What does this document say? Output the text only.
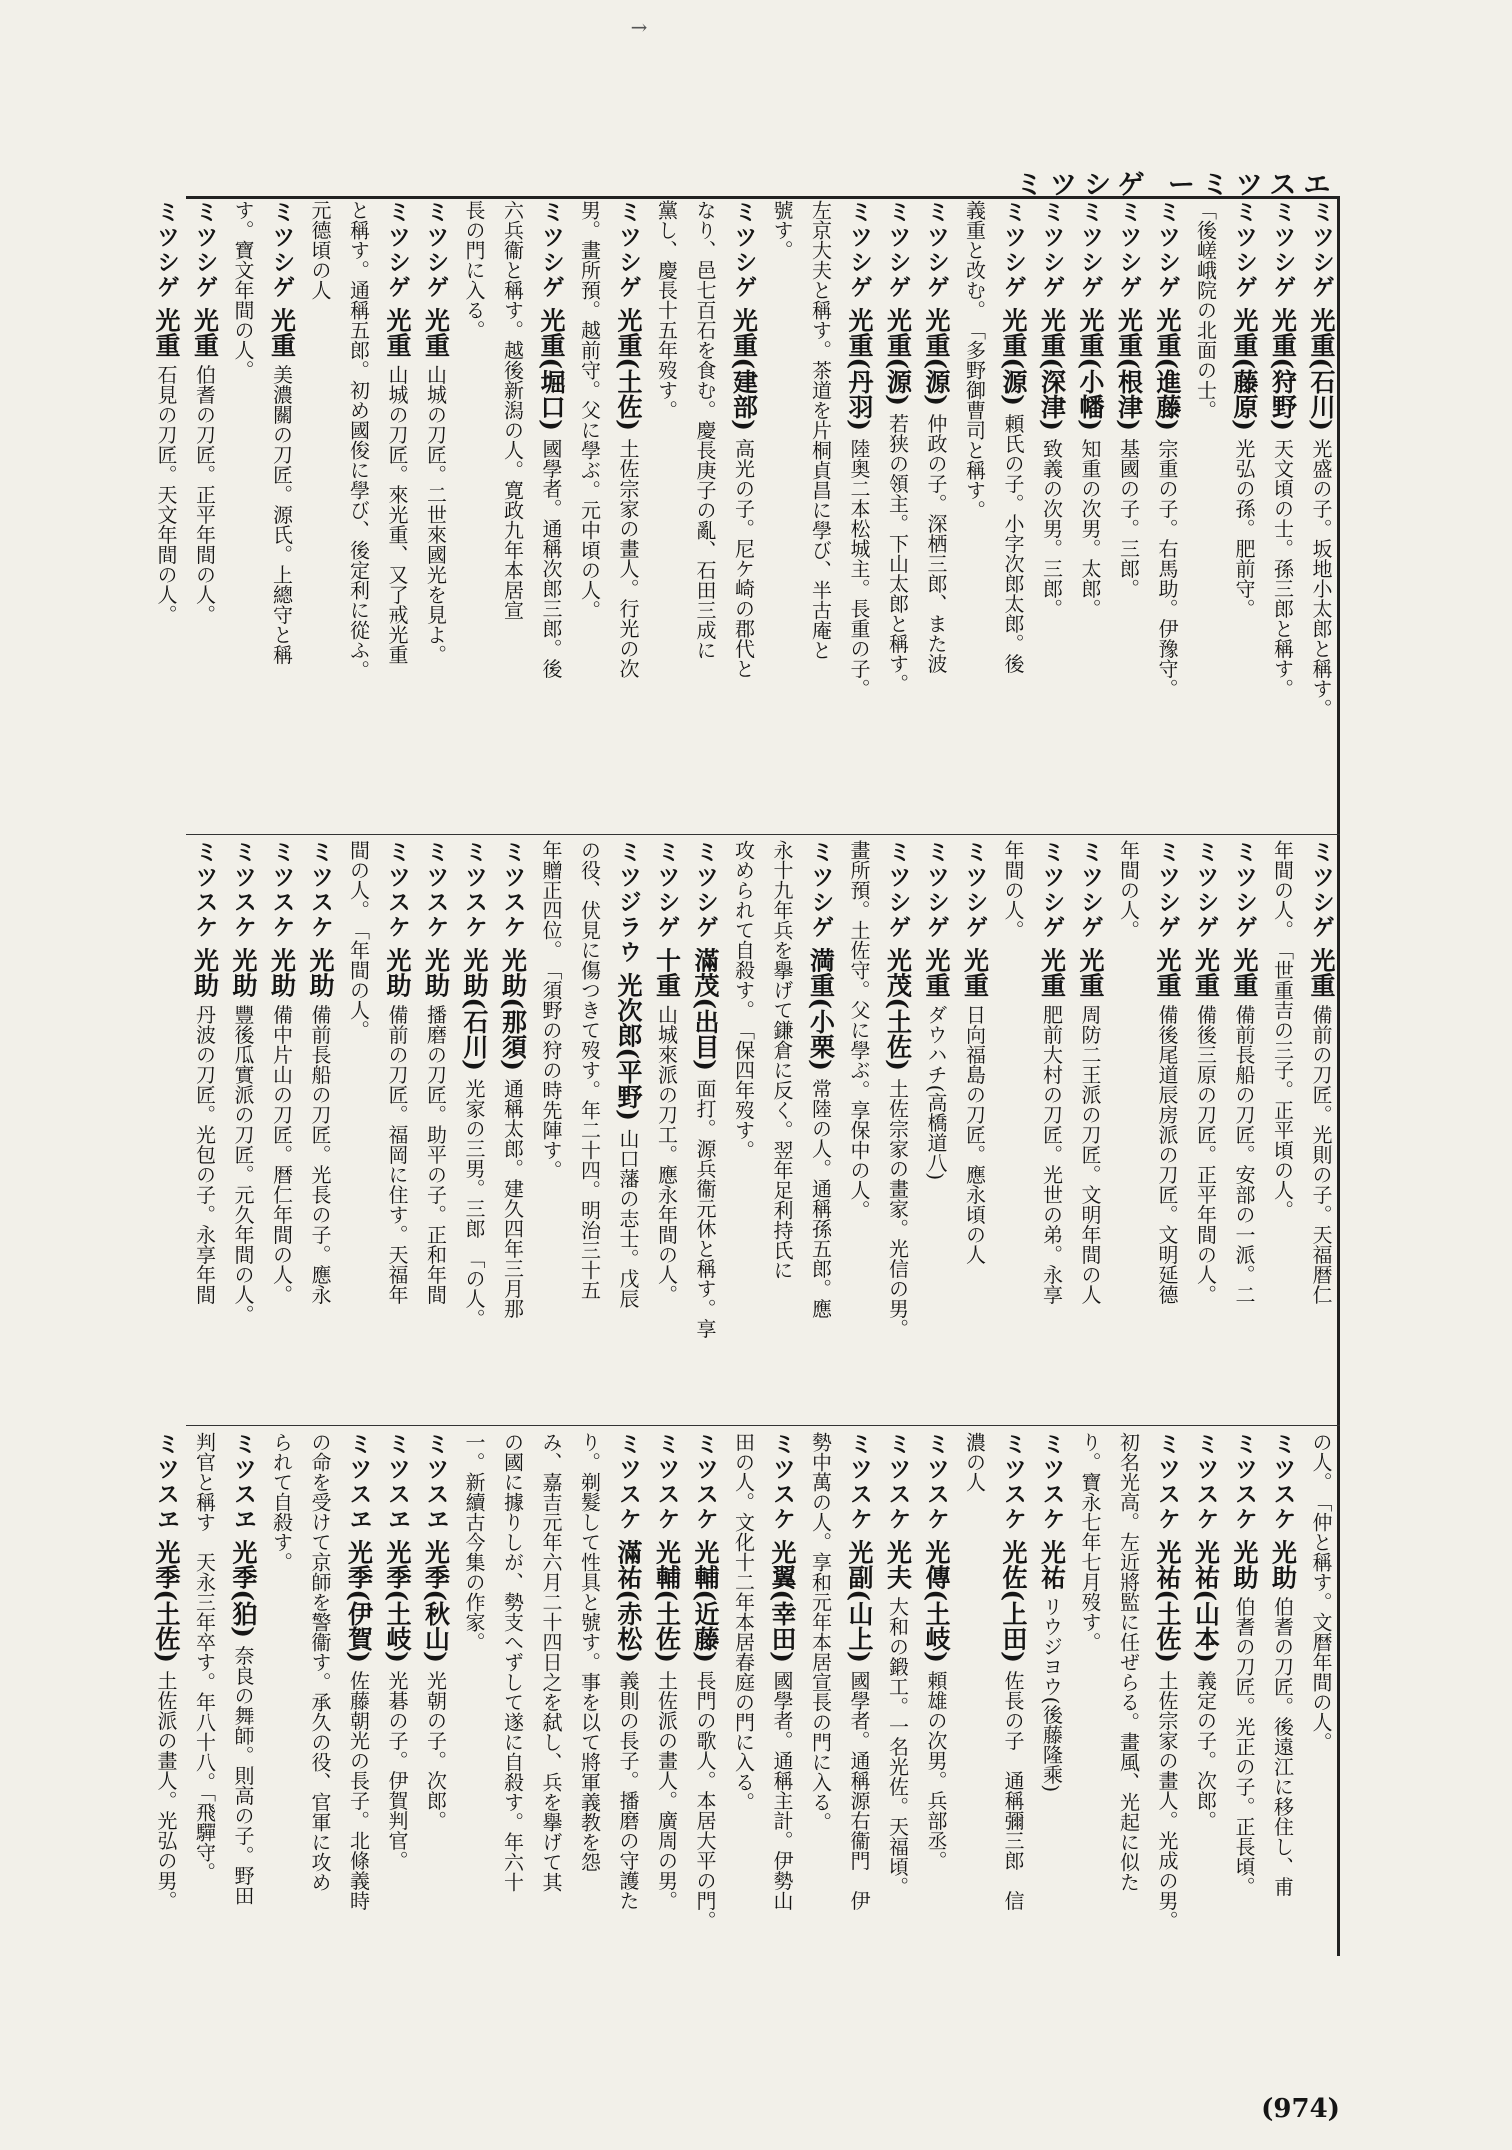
→
ミツシゲ ーミツスエ
ミツシゲ 光重(石川) 光盛の子。坂地小太郎と稱す。
ミツシゲ 光重(狩野) 天文頃の士。孫三郎と稱す。
ミツシゲ 光重(藤原) 光弘の孫。肥前守。
「後嵯峨院の北面の士。
ミツシゲ 光重(進藤) 宗重の子。右馬助。伊豫守。
ミツシゲ 光重(根津) 基國の子。三郎。
ミツシゲ 光重(小幡) 知重の次男。太郎。
ミツシゲ 光重(深津) 致義の次男。三郎。
ミツシゲ 光重(源) 頼氏の子。小字次郎太郎。後
義重と改む。　「多野御曹司と稱す。
ミツシゲ 光重(源) 仲政の子。深栖三郎、また波
ミツシゲ 光重(源) 若狭の領主。下山太郎と稱す。
ミツシゲ 光重(丹羽) 陸奥二本松城主。長重の子。
左京大夫と稱す。茶道を片桐貞昌に學び、半古庵と
號す。
ミツシゲ 光重(建部) 高光の子。尼ケ崎の郡代と
なり、邑七百石を食む。慶長庚子の亂、石田三成に
黨し、慶長十五年歿す。
ミツシゲ 光重(土佐) 土佐宗家の畫人。行光の次
男。畫所預。越前守。父に學ぶ。元中頃の人。
ミツシゲ 光重(堀口) 國學者。通稱次郎三郎。後
六兵衞と稱す。越後新潟の人。寛政九年本居宣
長の門に入る。
ミツシゲ 光重 山城の刀匠。二世來國光を見よ。
ミツシゲ 光重 山城の刀匠。來光重、又了戒光重
と稱す。通稱五郎。初め國俊に學び、後定利に從ふ。
元德頃の人
ミツシゲ 光重 美濃關の刀匠。源氏。上總守と稱
す。寶文年間の人。
ミツシゲ 光重 伯耆の刀匠。正平年間の人。
ミツシゲ 光重 石見の刀匠。天文年間の人。
ミツシゲ 光重 備前の刀匠。光則の子。天福暦仁
年間の人。　「世重吉の三子。正平頃の人。
ミツシゲ 光重 備前長船の刀匠。安部の一派。二
ミツシゲ 光重 備後三原の刀匠。正平年間の人。
ミツシゲ 光重 備後尾道辰房派の刀匠。文明延德
年間の人。
ミツシゲ 光重 周防二王派の刀匠。文明年間の人
ミツシゲ 光重 肥前大村の刀匠。光世の弟。永享
年間の人。
ミツシゲ 光重 日向福島の刀匠。應永頃の人
ミツシゲ 光重 ダウハチ(高橋道八)
ミツシゲ 光茂(土佐) 土佐宗家の畫家。光信の男。
畫所預。土佐守。父に學ぶ。享保中の人。
ミツシゲ 満重(小栗) 常陸の人。通稱孫五郎。應
永十九年兵を擧げて鎌倉に反く。翌年足利持氏に
攻められて自殺す。　「保四年歿す。
ミツシゲ 滿茂(出目) 面打。源兵衞元休と稱す。享
ミツシゲ 十重 山城來派の刀工。應永年間の人。
ミツジラウ 光次郎(平野) 山口藩の志士。戊辰
の役、伏見に傷つきて歿す。年二十四。明治三十五
年贈正四位。　「須野の狩の時先陣す。
ミツスケ 光助(那須) 通稱太郎。建久四年三月那
ミツスケ 光助(石川) 光家の三男。三郎　「の人。
ミツスケ 光助 播磨の刀匠。助平の子。正和年間
ミツスケ 光助 備前の刀匠。福岡に住す。天福年
間の人。　「年間の人。
ミツスケ 光助 備前長船の刀匠。光長の子。應永
ミツスケ 光助 備中片山の刀匠。暦仁年間の人。
ミツスケ 光助 豐後瓜實派の刀匠。元久年間の人。
ミツスケ 光助 丹波の刀匠。光包の子。永享年間
の人。　「仲と稱す。文暦年間の人。
ミツスケ 光助 伯耆の刀匠。後遠江に移住し、甫
ミツスケ 光助 伯耆の刀匠。光正の子。正長頃。
ミツスケ 光祐(山本) 義定の子。次郎。
ミツスケ 光祐(土佐) 土佐宗家の畫人。光成の男。
初名光高。左近將監に任ぜらる。畫風、光起に似た
り。寶永七年七月歿す。
ミツスケ 光祐 リウジヨウ(後藤隆乘)
ミツスケ 光佐(上田) 佐長の子　通稱彌三郎　信
濃の人
ミツスケ 光傳(土岐) 頼雄の次男。兵部丞。
ミツスケ 光夫 大和の鍛工。一名光佐。天福頃。
ミツスケ 光副(山上) 國學者。通稱源右衞門　伊
勢中萬の人。享和元年本居宣長の門に入る。
ミツスケ 光翼(幸田) 國學者。通稱主計。伊勢山
田の人。文化十二年本居春庭の門に入る。
ミツスケ 光輔(近藤) 長門の歌人。本居大平の門。
ミツスケ 光輔(土佐) 土佐派の畫人。廣周の男。
ミツスケ 滿祐(赤松) 義則の長子。播磨の守護た
り。剃髮して性具と號す。事を以て將軍義教を怨
み、嘉吉元年六月二十四日之を弑し、兵を擧げて其
の國に據りしが、勢支へずして遂に自殺す。年六十
一。新續古今集の作家。
ミツスヱ 光季(秋山) 光朝の子。次郎。
ミツスヱ 光季(土岐) 光碁の子。伊賀判官。
ミツスヱ 光季(伊賀) 佐藤朝光の長子。北條義時
の命を受けて京師を警衞す。承久の役、官軍に攻め
られて自殺す。
ミツスヱ 光季(狛) 奈良の舞師。則高の子。野田
判官と稱す　天永三年卒す。年八十八。「飛驒守。
ミツスヱ 光季(土佐) 土佐派の畫人。光弘の男。
(974)
